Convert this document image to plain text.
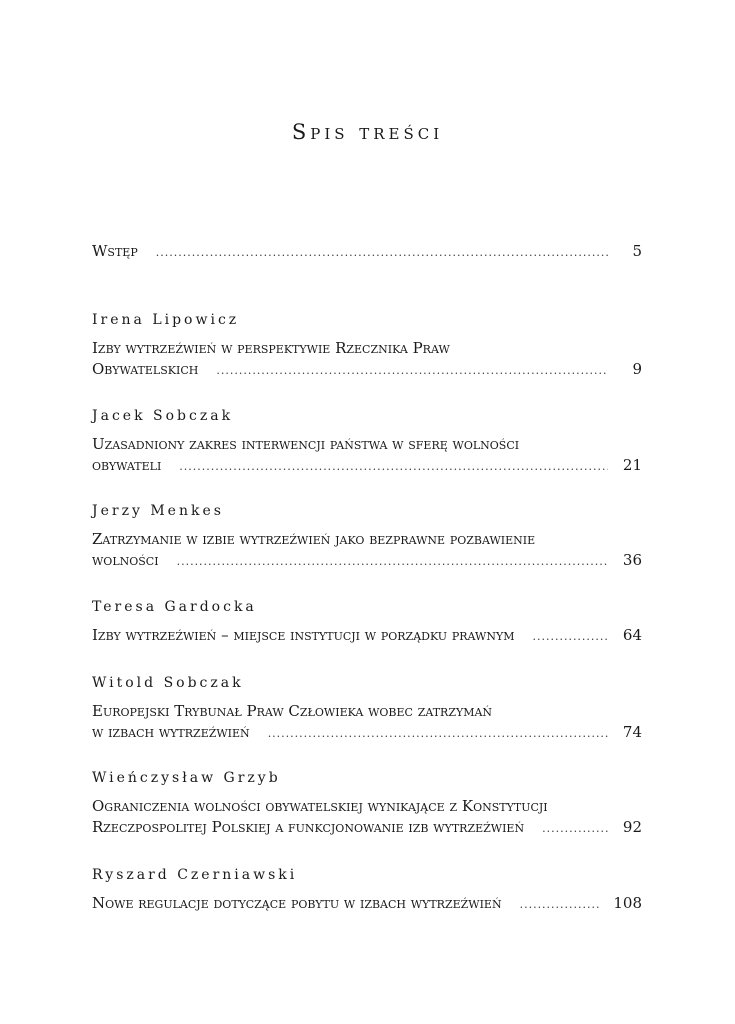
Spis treści
Wstęp .....	5
Irena Lipowicz
Izby wytrzeźwień w perspektywie Rzecznika Praw
Obywatelskich .....	9
Jacek Sobczak
Uzasadniony zakres interwencji państwa w sferę wolności
obywateli .....	21
Jerzy Menkes
Zatrzymanie w izbie wytrzeźwień jako bezprawne pozbawienie
wolności .....	36
Teresa Gardocka
Izby wytrzeźwień – miejsce instytucji w porządku prawnym .....	64
Witold Sobczak
Europejski Trybunał Praw Człowieka wobec zatrzymań
w izbach wytrzeźwień .....	74
Wieńczysław Grzyb
Ograniczenia wolności obywatelskiej wynikające z Konstytucji
Rzeczpospolitej Polskiej a funkcjonowanie izb wytrzeźwień .....	92
Ryszard Czerniawski
Nowe regulacje dotyczące pobytu w izbach wytrzeźwień .....	108
